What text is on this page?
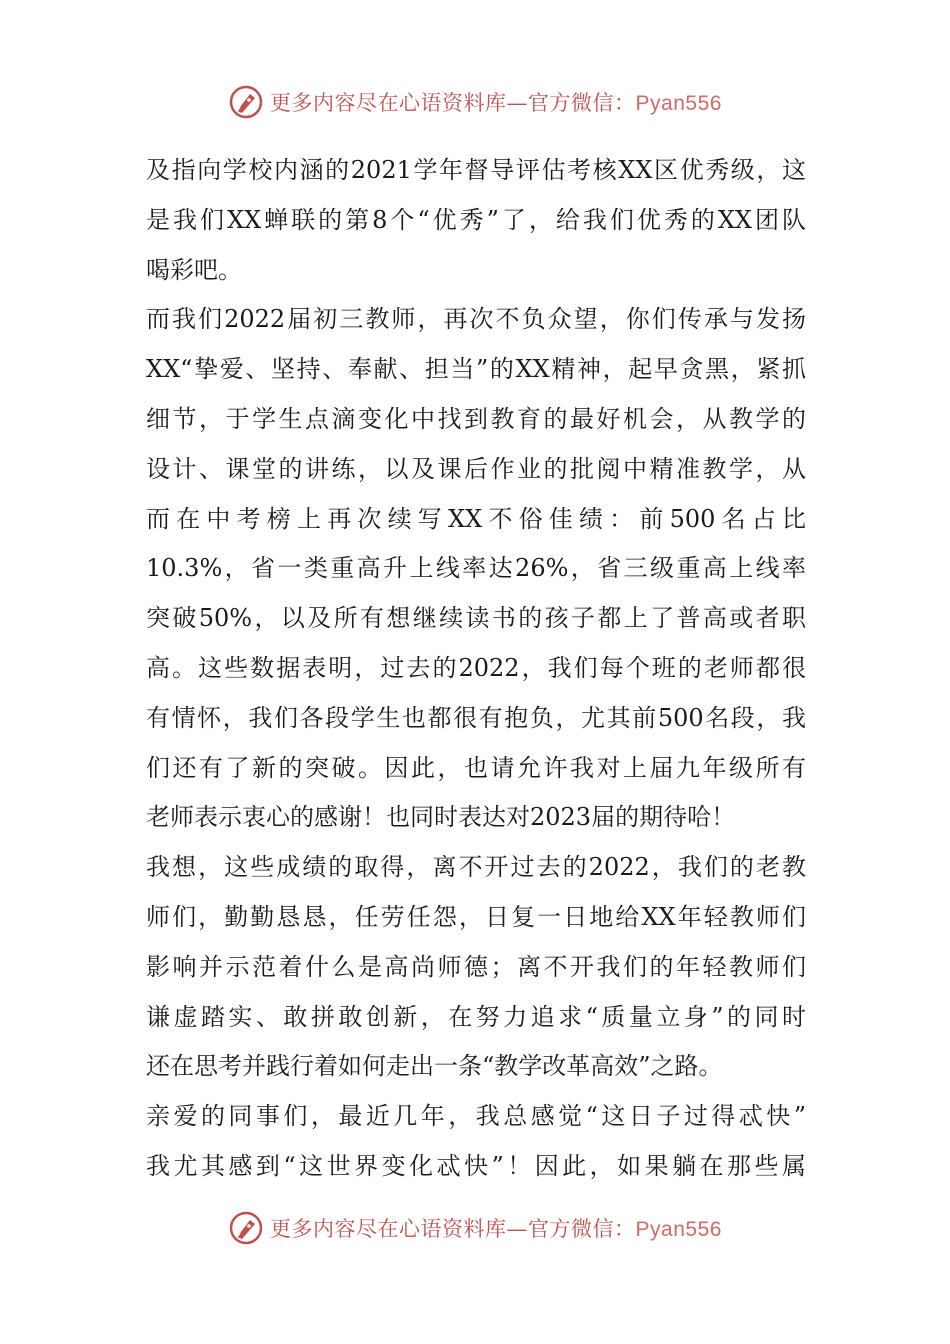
更多内容尽在心语资料库—官方微信：Pyan556
及指向学校内涵的2021学年督导评估考核XX区优秀级，这
是我们XX蝉联的第8个“优秀”了，给我们优秀的XX团队
喝彩吧。
而我们2022届初三教师，再次不负众望，你们传承与发扬
XX“挚爱、坚持、奉献、担当”的XX精神，起早贪黑，紧抓
细节，于学生点滴变化中找到教育的最好机会，从教学的
设计、课堂的讲练，以及课后作业的批阅中精准教学，从
而在中考榜上再次续写XX不俗佳绩：前500名占比
10.3%，省一类重高升上线率达26%，省三级重高上线率
突破50%，以及所有想继续读书的孩子都上了普高或者职
高。这些数据表明，过去的2022，我们每个班的老师都很
有情怀，我们各段学生也都很有抱负，尤其前500名段，我
们还有了新的突破。因此，也请允许我对上届九年级所有
老师表示衷心的感谢！也同时表达对2023届的期待哈！
我想，这些成绩的取得，离不开过去的2022，我们的老教
师们，勤勤恳恳，任劳任怨，日复一日地给XX年轻教师们
影响并示范着什么是高尚师德；离不开我们的年轻教师们
谦虚踏实、敢拼敢创新，在努力追求“质量立身”的同时
还在思考并践行着如何走出一条“教学改革高效”之路。
亲爱的同事们，最近几年，我总感觉“这日子过得忒快”
我尤其感到“这世界变化忒快”！因此，如果躺在那些属
更多内容尽在心语资料库—官方微信：Pyan556
